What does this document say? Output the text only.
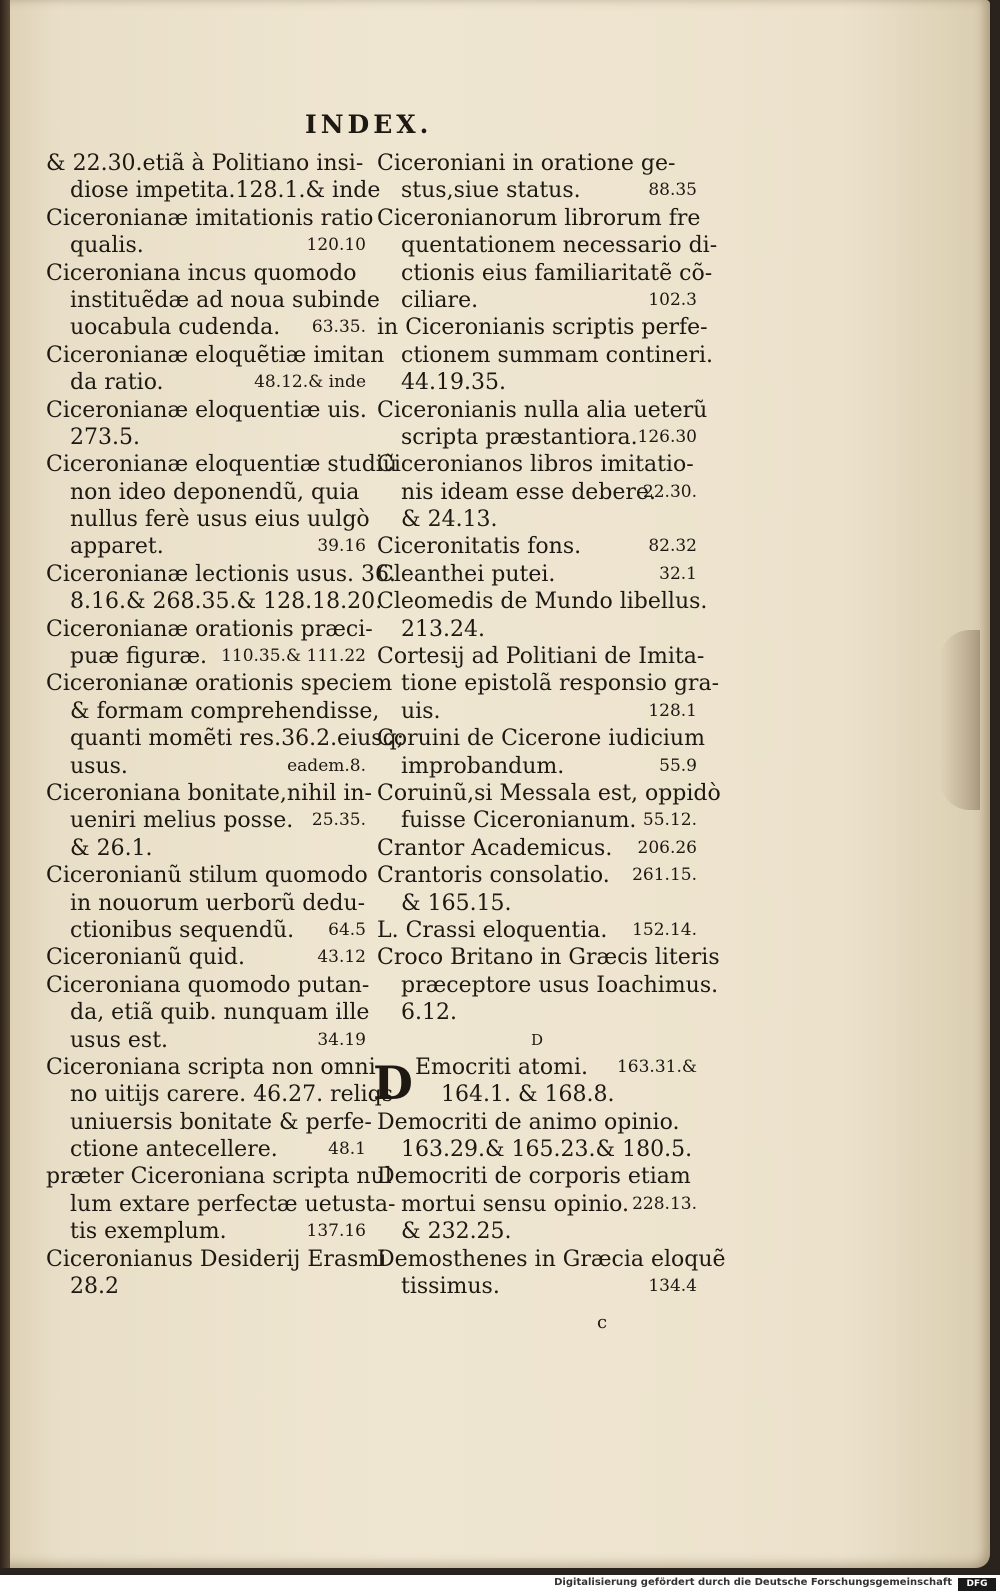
INDEX.
& 22.30.etiã à Politiano insi-
diose impetita.128.1.& inde
Ciceronianæ imitationis ratio
qualis.	120.10
Ciceroniana incus quomodo
instituẽdæ ad noua subinde
uocabula cudenda. 63.35.
Ciceronianæ eloquẽtiæ imitan
da ratio.	48.12.& inde
Ciceronianæ eloquentiæ uis.
273.5.
Ciceronianæ eloquentiæ studiũ
non ideo deponendũ, quia
nullus ferè usus eius uulgò
apparet.	39.16
Ciceronianæ lectionis usus. 36.
8.16.& 268.35.& 128.18.20.
Ciceronianæ orationis præci-
puæ figuræ. 110.35.& 111.22
Ciceronianæ orationis speciem
& formam comprehendisse,
quanti momẽti res.36.2.eiusq;
usus.	eadem.8.
Ciceroniana bonitate,nihil in-
ueniri melius posse. 25.35.
& 26.1.
Ciceronianũ stilum quomodo
in nouorum uerborũ dedu-
ctionibus sequendũ. 64.5
Ciceronianũ quid.	43.12
Ciceroniana quomodo putan-
da, etiã quib. nunquam ille
usus est.	34.19
Ciceroniana scripta non omni
no uitijs carere. 46.27. reliqs
uniuersis bonitate & perfe-
ctione antecellere.	48.1
præter Ciceroniana scripta nul
lum extare perfectæ uetusta-
tis exemplum.	137.16
Ciceronianus Desiderij Erasmi
28.2
Ciceroniani in oratione ge-
stus,siue status.	88.35
Ciceronianorum librorum fre
quentationem necessario di-
ctionis eius familiaritatẽ cõ-
ciliare.	102.3
in Ciceronianis scriptis perfe-
ctionem summam contineri.
44.19.35.
Ciceronianis nulla alia ueterũ
scripta præstantiora. 126.30
Ciceronianos libros imitatio-
nis ideam esse debere.
22.30.
& 24.13.
Ciceronitatis fons.	82.32
Cleanthei putei.	32.1
Cleomedis de Mundo libellus.
213.24.
Cortesij ad Politiani de Imita-
tione epistolã responsio gra-
uis.	128.1
Coruini de Cicerone iudicium
improbandum.	55.9
Coruinũ,si Messala est, oppidò
fuisse Ciceronianum. 55.12.
Crantor Academicus. 206.26
Crantoris consolatio. 261.15.
& 165.15.
L. Crassi eloquentia. 152.14.
Croco Britano in Græcis literis
præceptore usus Ioachimus.
6.12.
D
D Emocriti atomi. 163.31.&
164.1. & 168.8.
Democriti de animo opinio.
163.29.& 165.23.& 180.5.
Democriti de corporis etiam
mortui sensu opinio. 228.13.
& 232.25.
Demosthenes in Græcia eloquẽ
tissimus.	134.4
c
Digitalisierung gefördert durch die Deutsche Forschungsgemeinschaft	DFG
